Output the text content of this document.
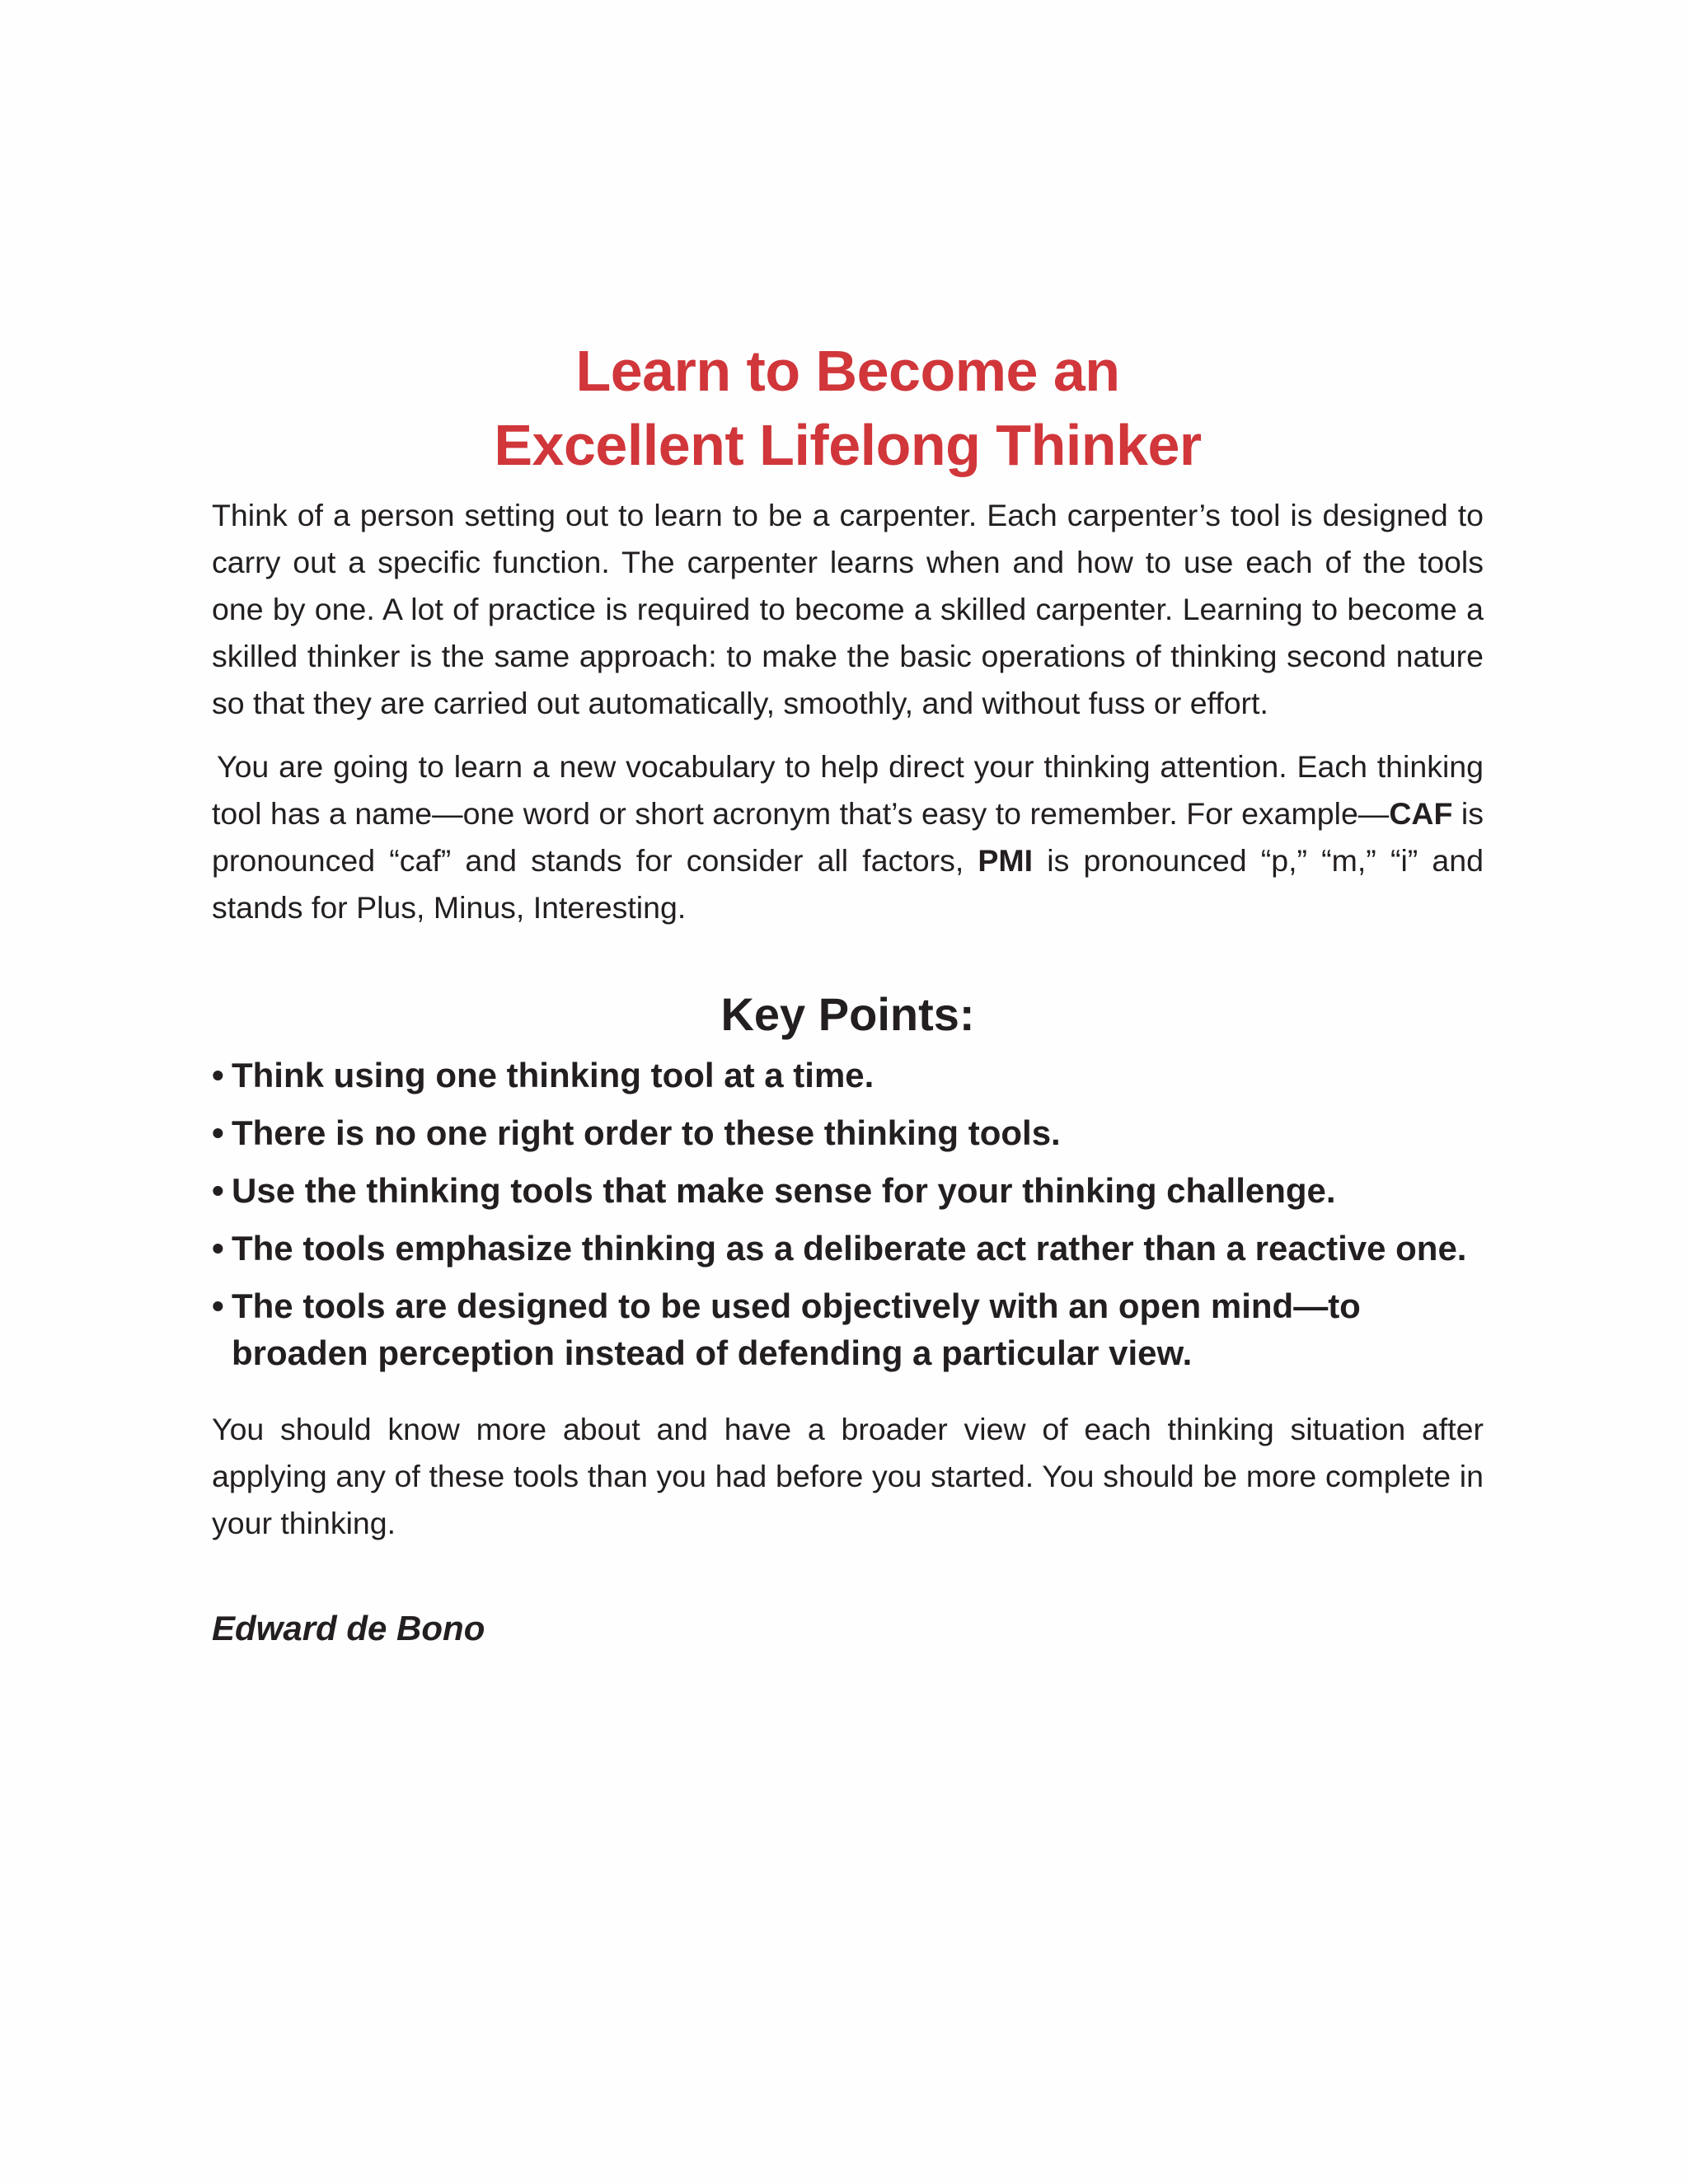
Learn to Become an
Excellent Lifelong Thinker

Think of a person setting out to learn to be a carpenter. Each carpenter’s tool is designed to carry out a specific function. The carpenter learns when and how to use each of the tools one by one. A lot of practice is required to become a skilled carpenter. Learning to become a skilled thinker is the same approach: to make the basic operations of thinking second nature so that they are carried out automatically, smoothly, and without fuss or effort.

You are going to learn a new vocabulary to help direct your thinking attention. Each thinking tool has a name—one word or short acronym that’s easy to remember. For example—CAF is pronounced “caf” and stands for consider all factors, PMI is pronounced “p,” “m,” “i” and stands for Plus, Minus, Interesting.

Key Points:
• Think using one thinking tool at a time.
• There is no one right order to these thinking tools.
• Use the thinking tools that make sense for your thinking challenge.
• The tools emphasize thinking as a deliberate act rather than a reactive one.
• The tools are designed to be used objectively with an open mind—to broaden perception instead of defending a particular view.

You should know more about and have a broader view of each thinking situation after applying any of these tools than you had before you started. You should be more complete in your thinking.

Edward de Bono
